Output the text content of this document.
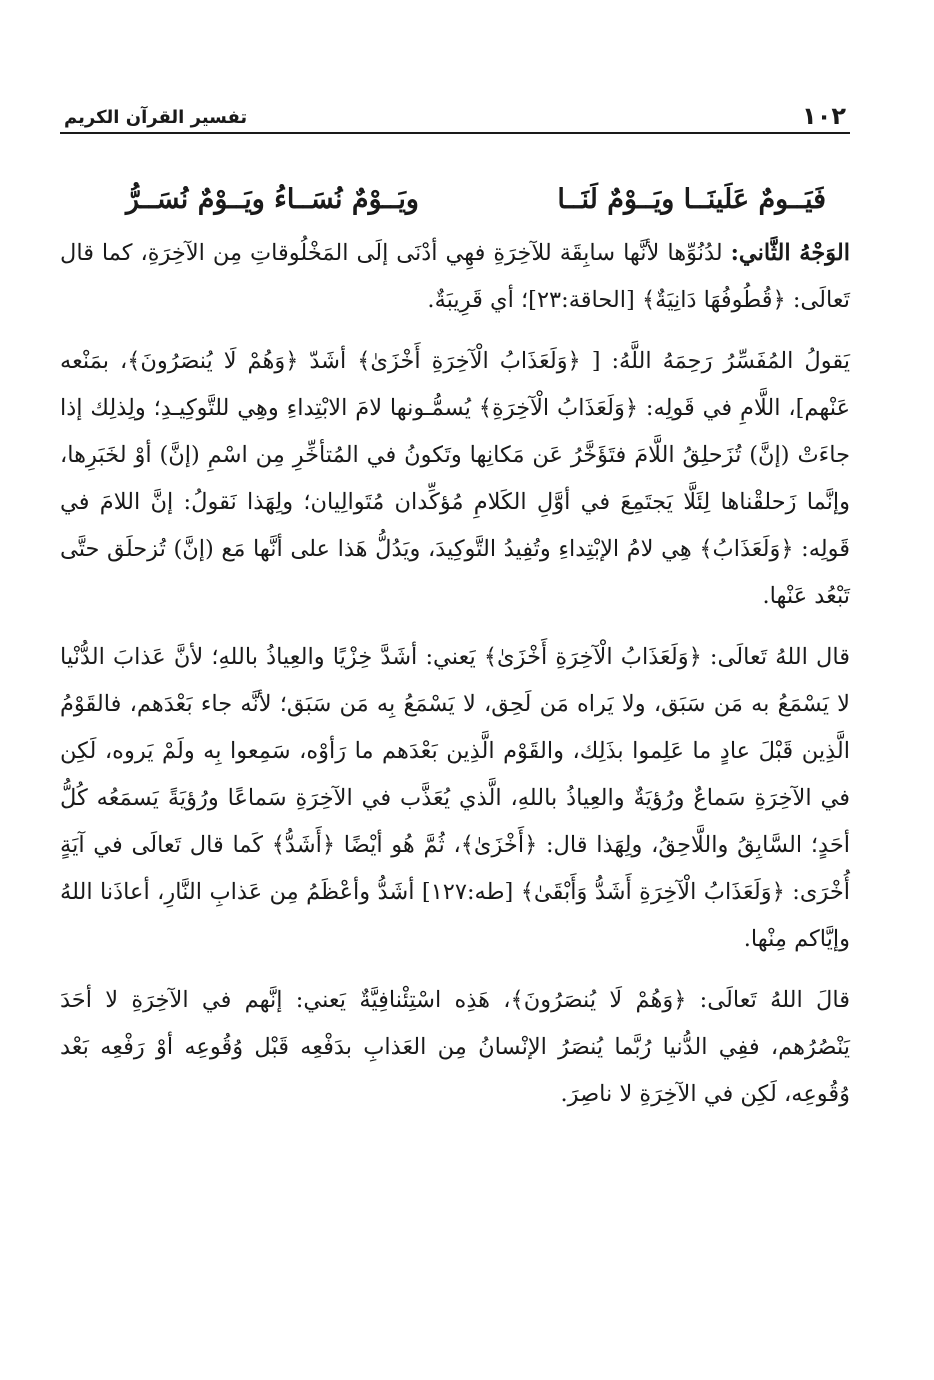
١٠٢
تفسير القرآن الكريم
فَيَــومٌ عَلَينَــا ويَــوْمٌ لَنَــا
ويَــوْمٌ نُسَــاءُ ويَــوْمٌ نُسَــرُّ

الوَجْهُ الثَّاني: لدُنُوِّها لأنَّها سابِقَة للآخِرَةِ فهِي أدْنَى إلَى المَخْلُوقاتِ مِن الآخِرَةِ، كما قال تَعالَى: ﴿قُطُوفُهَا دَانِيَةٌ﴾ [الحاقة:٢٣]؛ أي قَرِيبَةٌ.

يَقولُ المُفَسِّرُ رَحِمَهُ اللَّهُ: [ ﴿وَلَعَذَابُ الْآخِرَةِ أَخْزَىٰ﴾ أشَدّ ﴿وَهُمْ لَا يُنصَرُونَ﴾، بمَنْعه عَنْهم]، اللَّامِ في قَولِه: ﴿وَلَعَذَابُ الْآخِرَةِ﴾ يُسمُّـونها لامَ الابْتِداءِ وهِي للتَّوكِيـدِ؛ ولِذلِك إذا جاءَتْ (إنَّ) تُزَحلِقُ اللَّامَ فتَؤَخَّرُ عَن مَكانِها وتَكونُ في المُتأخِّرِ مِن اسْمِ (إنَّ) أوْ لخَبَرِها، وإنَّما زَحلقْناها لِئَلَّا يَجتَمِعَ في أوَّلِ الكَلامِ مُؤكِّدان مُتَوالِيان؛ ولِهَذا نَقولُ: إنَّ اللامَ في قَولِه: ﴿وَلَعَذَابُ﴾ هِي لامُ الإبْتِداءِ وتُفِيدُ التَّوكِيدَ، ويَدُلُّ هَذا على أنَّها مَع (إنَّ) تُزحلَق حتَّى تَبْعُد عَنْها.

قال اللهُ تَعالَى: ﴿وَلَعَذَابُ الْآخِرَةِ أَخْزَىٰ﴾ يَعني: أشَدَّ خِزْيًا والعِياذُ باللهِ؛ لأنَّ عَذابَ الدُّنْيا لا يَسْمَعُ به مَن سَبَق، ولا يَراه مَن لَحِق، لا يَسْمَعُ بِه مَن سَبَق؛ لأنَّه جاء بَعْدَهم، فالقَوْمُ الَّذِين قَبْلَ عادٍ ما عَلِموا بذَلِك، والقَوْم الَّذِين بَعْدَهم ما رَأوْه، سَمِعوا بِه ولَمْ يَروه، لَكِن في الآخِرَةِ سَماعٌ ورُؤيَةٌ والعِياذُ باللهِ، الَّذي يُعَذَّب في الآخِرَةِ سَماعًا ورُؤيَةً يَسمَعُه كُلُّ أحَدٍ؛ السَّابِقُ واللَّاحِقُ، ولِهَذا قال: ﴿أَخْزَىٰ﴾، ثُمَّ هُو أيْضًا ﴿أَشَدُّ﴾ كَما قال تَعالَى في آيَةٍ أُخْرَى: ﴿وَلَعَذَابُ الْآخِرَةِ أَشَدُّ وَأَبْقَىٰ﴾ [طه:١٢٧] أشَدُّ وأعْظَمُ مِن عَذابِ النَّارِ، أعاذَنا اللهُ وإيَّاكم مِنْها.

قالَ اللهُ تَعالَى: ﴿وَهُمْ لَا يُنصَرُونَ﴾، هَذِه اسْتِئْنافِيَّةٌ يَعني: إنَّهم في الآخِرَةِ لا أحَدَ يَنْصُرُهم، ففِي الدُّنيا رُبَّما يُنصَرُ الإنْسانُ مِن العَذابِ بدَفْعِه قَبْل وُقُوعِه أوْ رَفْعِه بَعْد وُقُوعِه، لَكِن في الآخِرَةِ لا ناصِرَ.
